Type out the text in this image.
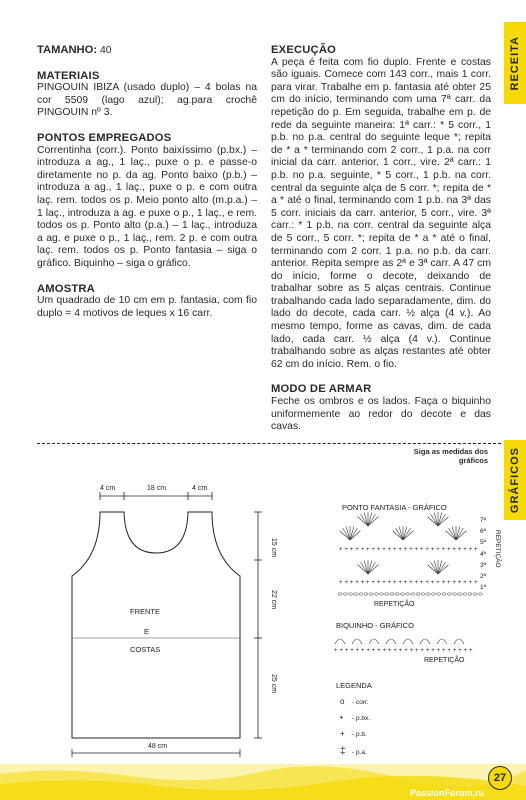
RECEITA
GRÁFICOS
TAMANHO: 40
MATERIAIS
PINGOUIN IBIZA (usado duplo) – 4 bolas na cor 5509 (lago azul); ag.para crochê PINGOUIN nº 3.
PONTOS EMPREGADOS
Correntinha (corr.). Ponto baixíssimo (p.bx.) – introduza a ag., 1 laç., puxe o p. e passe-o diretamente no p. da ag. Ponto baixo (p.b.) – introduza a ag., 1 laç., puxe o p. e com outra laç. rem. todos os p. Meio ponto alto (m.p.a.) – 1 laç., introduza a ag. e puxe o p., 1 laç., e rem. todos os p. Ponto alto (p.a.) – 1 laç., introduza a ag. e puxe o p., 1 laç., rem. 2 p. e com outra laç. rem. todos os p. Ponto fantasia – siga o gráfico. Biquinho – siga o gráfico.
AMOSTRA
Um quadrado de 10 cm em p. fantasia, com fio duplo = 4 motivos de leques x 16 carr.
EXECUÇÃO
A peça é feita com fio duplo. Frente e costas são iguais. Comece com 143 corr., mais 1 corr. para virar. Trabalhe em p. fantasia até obter 25 cm do início, terminando com uma 7ª carr. da repetição do p. Em seguida, trabalhe em p. de rede da seguinte maneira: 1ª carr.: * 5 corr., 1 p.b. no p.a. central do seguinte leque *; repita de * a * terminando com 2 corr., 1 p.a. na corr inicial da carr. anterior, 1 corr., vire. 2ª carr.: 1 p.b. no p.a. seguinte, * 5 corr., 1 p.b. na corr. central da seguinte alça de 5 corr. *; repita de * a * até o final, terminando com 1 p.b. na 3ª das 5 corr. iniciais da carr. anterior, 5 corr., vire. 3ª carr.: * 1 p.b. na corr. central da seguinte alça de 5 corr., 5 corr. *; repita de * a * até o final, terminando com 2 corr. 1 p.a. no p.b. da carr. anterior. Repita sempre as 2ª e 3ª carr. A 47 cm do início, forme o decote, deixando de trabalhar sobre as 5 alças centrais. Continue trabalhando cada lado separadamente, dim. do lado do decote, cada carr. ½ alça (4 v.). Ao mesmo tempo, forme as cavas, dim. de cada lado, cada carr. ½ alça (4 v.). Continue trabalhando sobre as alças restantes até obter 62 cm do início. Rem. o fio.
MODO DE ARMAR
Feche os ombros e os lados. Faça o biquinho uniformemente ao redor do decote e das cavas.
Siga as medidas dos gráficos
4 cm	18 cm	4 cm
FRENTE
E
COSTAS
15 cm
22 cm
25 cm
48 cm
PONTO FANTASIA - GRÁFICO
+ + + + + + + + + + + + + + + + + + + + + + + + + +
+ + + + + + + + + + + + + + + + + + + + + + + + + +
REPETIÇÃO
REPETIÇÃO
7ª
6ª
5ª
4ª
3ª
2ª
1ª
BIQUINHO - GRÁFICO
+ + + + + + + + + + + + + + + + + + + + + + + + + +
REPETIÇÃO
LEGENDA
o - corr.
• - p.bx.
+ - p.b.
‡ - p.a.
27
PassionForum.ru
